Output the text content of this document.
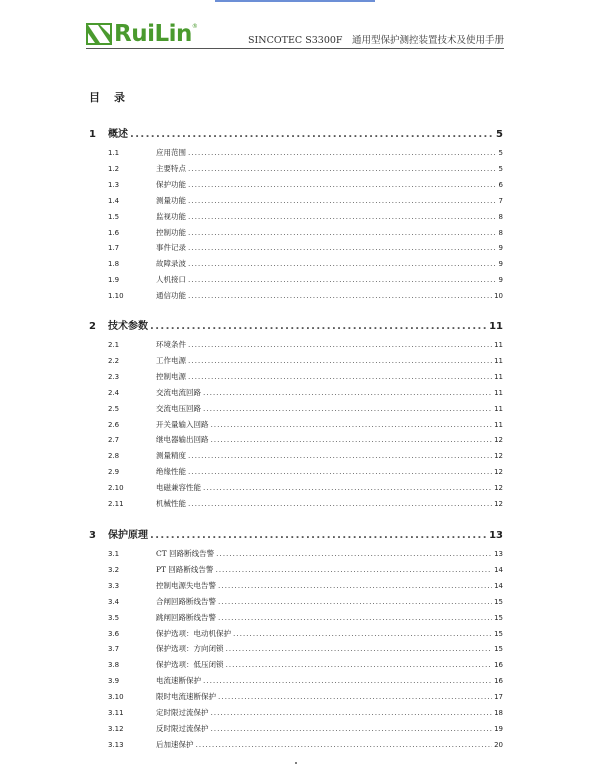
RuiLin ®
SINCOTEC S3300F　通用型保护测控装置技术及使用手册
目录
1	概述 .....	5
1.1	应用范围 .....	5
1.2	主要特点 .....	5
1.3	保护功能 .....	6
1.4	测量功能 .....	7
1.5	监视功能 .....	8
1.6	控制功能 .....	8
1.7	事件记录 .....	9
1.8	故障录波 .....	9
1.9	人机接口 .....	9
1.10	通信功能 .....	10
2	技术参数 .....	11
2.1	环境条件 .....	11
2.2	工作电源 .....	11
2.3	控制电源 .....	11
2.4	交流电流回路 .....	11
2.5	交流电压回路 .....	11
2.6	开关量输入回路 .....	11
2.7	继电器输出回路 .....	12
2.8	测量精度 .....	12
2.9	绝缘性能 .....	12
2.10	电磁兼容性能 .....	12
2.11	机械性能 .....	12
3	保护原理 .....	13
3.1	CT 回路断线告警 .....	13
3.2	PT 回路断线告警 .....	14
3.3	控制电源失电告警 .....	14
3.4	合闸回路断线告警 .....	15
3.5	跳闸回路断线告警 .....	15
3.6	保护选项：电动机保护 .....	15
3.7	保护选项：方向闭锁 .....	15
3.8	保护选项：低压闭锁 .....	16
3.9	电流速断保护 .....	16
3.10	限时电流速断保护 .....	17
3.11	定时限过流保护 .....	18
3.12	反时限过流保护 .....	19
3.13	后加速保护 .....	20
